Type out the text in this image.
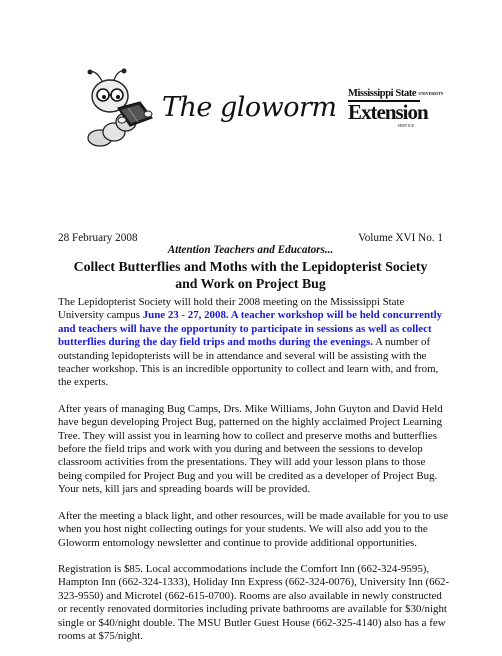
The gloworm Mississippi State UNIVERSITY
Extension
SERVICE
28 February 2008	Volume XVI No. 1
Attention Teachers and Educators...
Collect Butterflies and Moths with the Lepidopterist Society
and Work on Project Bug

The Lepidopterist Society will hold their 2008 meeting on the Mississippi State University campus June 23 - 27, 2008. A teacher workshop will be held concurrently and teachers will have the opportunity to participate in sessions as well as collect butterflies during the day field trips and moths during the evenings. A number of outstanding lepidopterists will be in attendance and several will be assisting with the teacher workshop. This is an incredible opportunity to collect and learn with, and from, the experts.

After years of managing Bug Camps, Drs. Mike Williams, John Guyton and David Held have begun developing Project Bug, patterned on the highly acclaimed Project Learning Tree. They will assist you in learning how to collect and preserve moths and butterflies before the field trips and work with you during and between the sessions to develop classroom activities from the presentations. They will add your lesson plans to those being compiled for Project Bug and you will be credited as a developer of Project Bug. Your nets, kill jars and spreading boards will be provided.

After the meeting a black light, and other resources, will be made available for you to use when you host night collecting outings for your students. We will also add you to the Gloworm entomology newsletter and continue to provide additional opportunities.

Registration is $85. Local accommodations include the Comfort Inn (662-324-9595), Hampton Inn (662-324-1333), Holiday Inn Express (662-324-0076), University Inn (662-323-9550) and Microtel (662-615-0700). Rooms are also available in newly constructed or recently renovated dormitories including private bathrooms are available for $30/night single or $40/night double. The MSU Butler Guest House (662-325-4140) also has a few rooms at $75/night.
